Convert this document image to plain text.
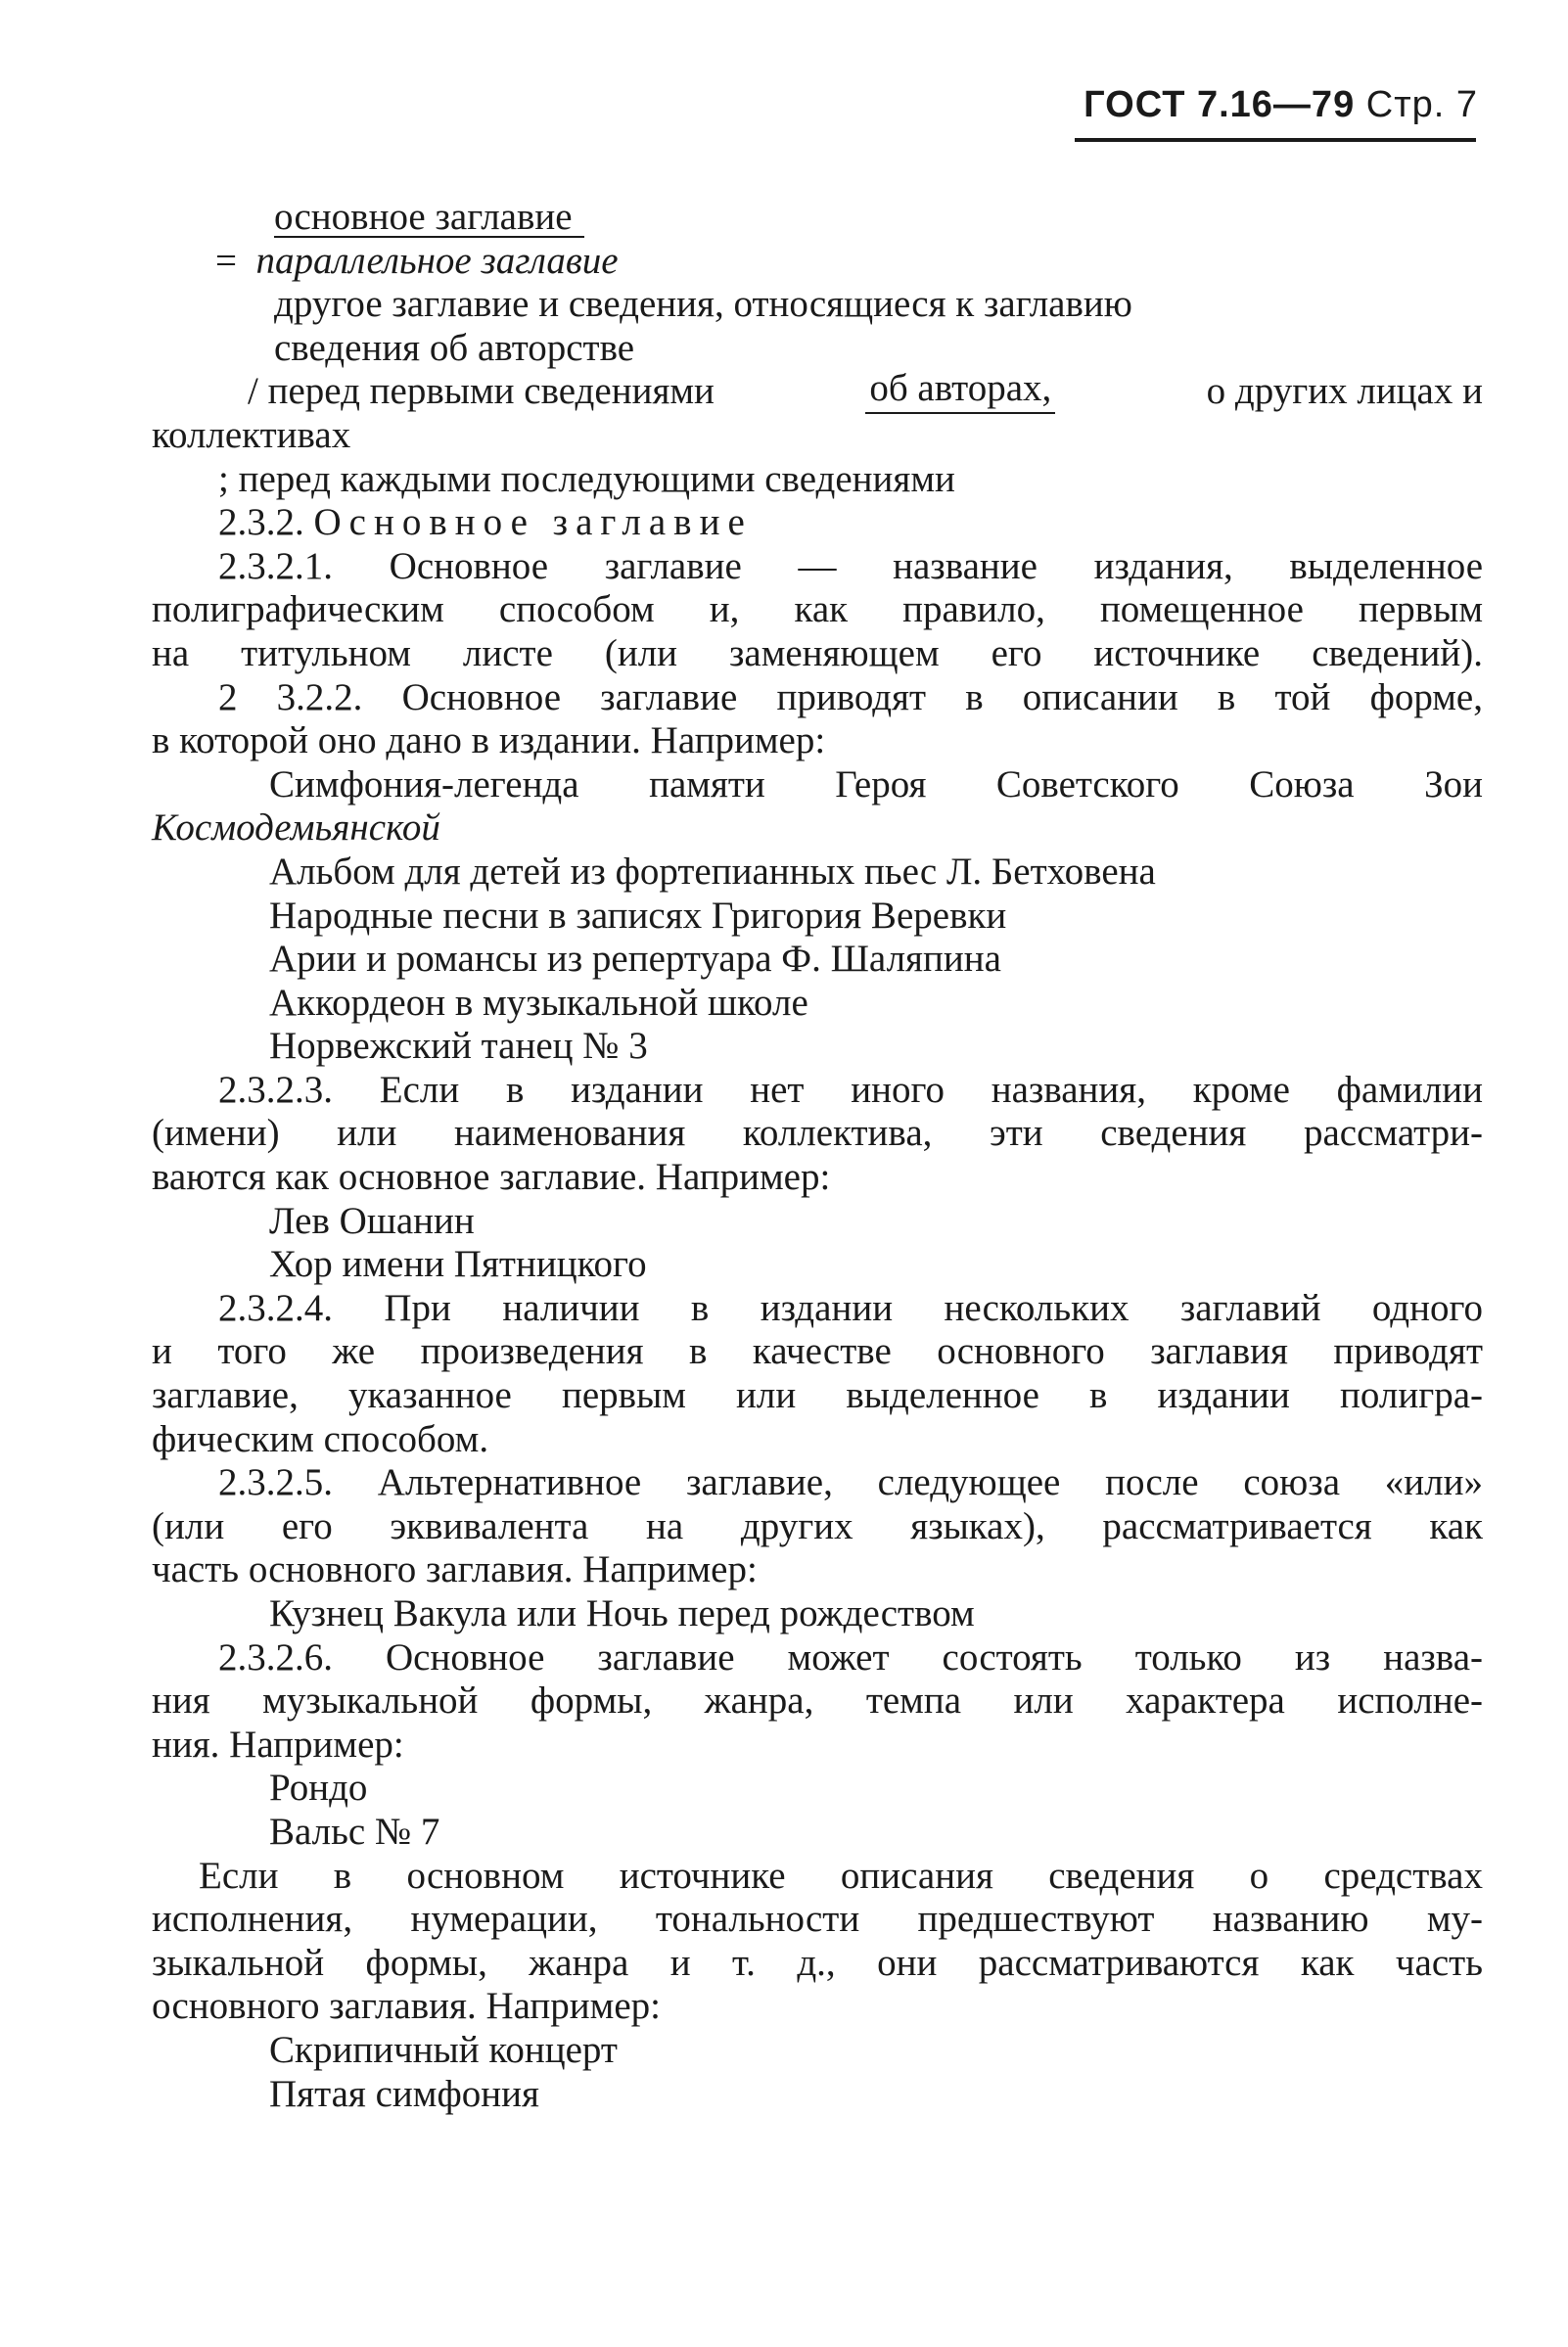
ГОСТ 7.16—79 Стр. 7
основное заглавие
= параллельное заглавие
другое заглавие и сведения, относящиеся к заглавию
сведения об авторстве
/ перед первыми сведениями	об авторах,	о других лицах и
коллективах
; перед каждыми последующими сведениями
2.3.2. Основное заглавие
2.3.2.1. Основное заглавие — название издания, выделенное
полиграфическим способом и, как правило, помещенное первым
на титульном листе (или заменяющем его источнике сведений).
2 3.2.2. Основное заглавие приводят в описании в той форме,
в которой оно дано в издании. Например:
Симфония-легенда памяти Героя Советского Союза Зои
Космодемьянской
Альбом для детей из фортепианных пьес Л. Бетховена
Народные песни в записях Григория Веревки
Арии и романсы из репертуара Ф. Шаляпина
Аккордеон в музыкальной школе
Норвежский танец № 3
2.3.2.3. Если в издании нет иного названия, кроме фамилии
(имени) или наименования коллектива, эти сведения рассматри-
ваются как основное заглавие. Например:
Лев Ошанин
Хор имени Пятницкого
2.3.2.4. При наличии в издании нескольких заглавий одного
и того же произведения в качестве основного заглавия приводят
заглавие, указанное первым или выделенное в издании полигра-
фическим способом.
2.3.2.5. Альтернативное заглавие, следующее после союза «или»
(или его эквивалента на других языках), рассматривается как
часть основного заглавия. Например:
Кузнец Вакула или Ночь перед рождеством
2.3.2.6. Основное заглавие может состоять только из назва-
ния музыкальной формы, жанра, темпа или характера исполне-
ния. Например:
Рондо
Вальс № 7
Если в основном источнике описания сведения о средствах
исполнения, нумерации, тональности предшествуют названию му-
зыкальной формы, жанра и т. д., они рассматриваются как часть
основного заглавия. Например:
Скрипичный концерт
Пятая симфония
